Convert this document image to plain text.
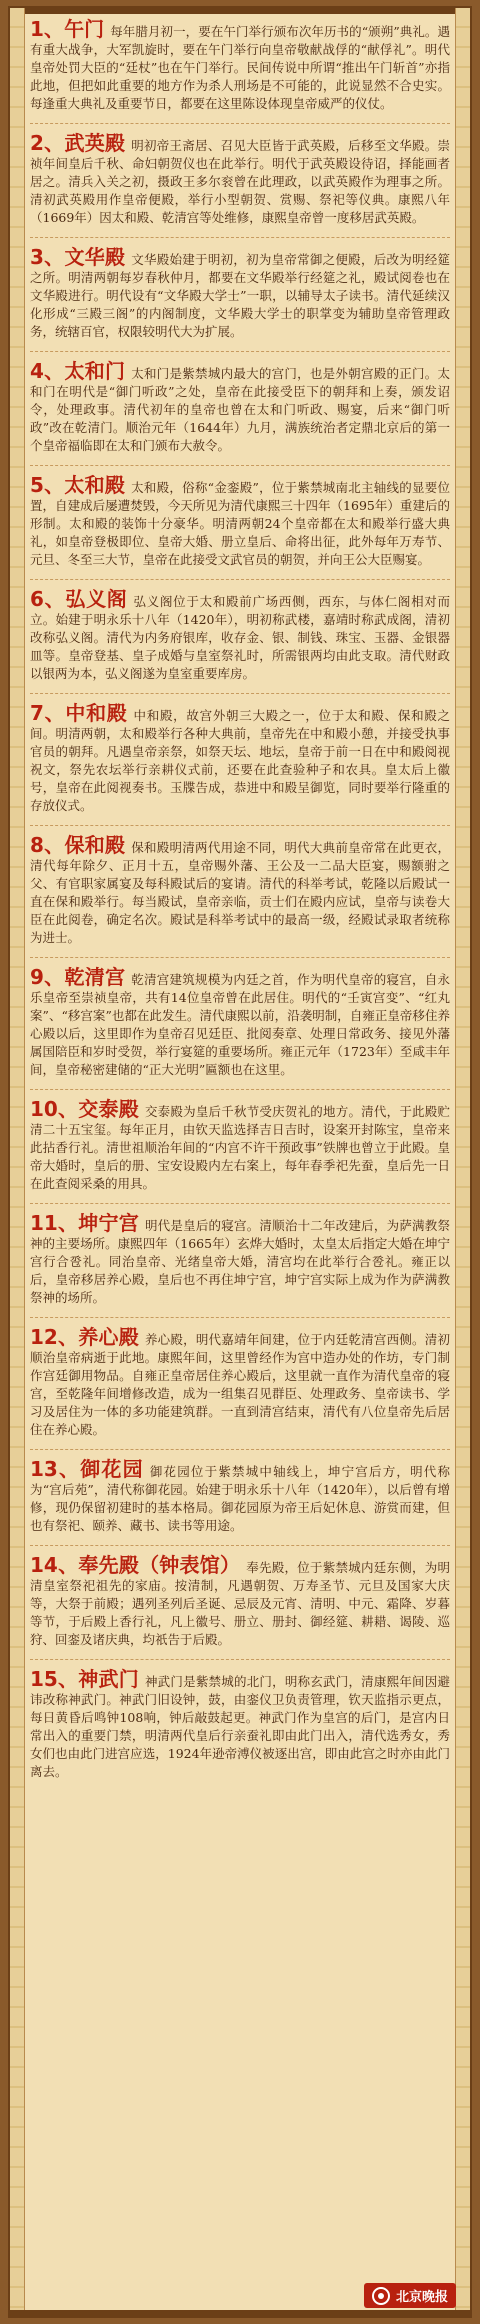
1、午门 每年腊月初一，要在午门举行颁布次年历书的“颁朔”典礼。遇有重大战争，大军凯旋时，要在午门举行向皇帝敬献战俘的“献俘礼”。明代皇帝处罚大臣的“廷杖”也在午门举行。民间传说中所谓“推出午门斩首”亦指此地，但把如此重要的地方作为杀人刑场是不可能的，此说显然不合史实。每逢重大典礼及重要节日，都要在这里陈设体现皇帝威严的仪仗。

2、武英殿 明初帝王斋居、召见大臣皆于武英殿，后移至文华殿。崇祯年间皇后千秋、命妇朝贺仪也在此举行。明代于武英殿设待诏，择能画者居之。清兵入关之初，摄政王多尔衮曾在此理政，以武英殿作为理事之所。清初武英殿用作皇帝便殿，举行小型朝贺、赏赐、祭祀等仪典。康熙八年（1669年）因太和殿、乾清宫等处维修，康熙皇帝曾一度移居武英殿。

3、文华殿 文华殿始建于明初，初为皇帝常御之便殿，后改为明经筵之所。明清两朝每岁春秋仲月，都要在文华殿举行经筵之礼，殿试阅卷也在文华殿进行。明代设有“文华殿大学士”一职，以辅导太子读书。清代延续汉化形成“三殿三阁”的内阁制度，文华殿大学士的职掌变为辅助皇帝管理政务，统辖百官，权限较明代大为扩展。

4、太和门 太和门是紫禁城内最大的宫门，也是外朝宫殿的正门。太和门在明代是“御门听政”之处，皇帝在此接受臣下的朝拜和上奏，颁发诏令，处理政事。清代初年的皇帝也曾在太和门听政、赐宴，后来“御门听政”改在乾清门。顺治元年（1644年）九月，满族统治者定鼎北京后的第一个皇帝福临即在太和门颁布大赦令。

5、太和殿 太和殿，俗称“金銮殿”，位于紫禁城南北主轴线的显要位置，自建成后屡遭焚毁，今天所见为清代康熙三十四年（1695年）重建后的形制。太和殿的装饰十分豪华。明清两朝24个皇帝都在太和殿举行盛大典礼，如皇帝登极即位、皇帝大婚、册立皇后、命将出征，此外每年万寿节、元旦、冬至三大节，皇帝在此接受文武官员的朝贺，并向王公大臣赐宴。

6、弘义阁 弘义阁位于太和殿前广场西侧，西东，与体仁阁相对而立。始建于明永乐十八年（1420年），明初称武楼，嘉靖时称武成阁，清初改称弘义阁。清代为内务府银库，收存金、银、制钱、珠宝、玉器、金银器皿等。皇帝登基、皇子成婚与皇室祭礼时，所需银两均由此支取。清代财政以银两为本，弘义阁遂为皇室重要库房。

7、中和殿 中和殿，故宫外朝三大殿之一，位于太和殿、保和殿之间。明清两朝，太和殿举行各种大典前，皇帝先在中和殿小憩，并接受执事官员的朝拜。凡遇皇帝亲祭，如祭天坛、地坛，皇帝于前一日在中和殿阅视祝文，祭先农坛举行亲耕仪式前，还要在此查验种子和农具。皇太后上徽号，皇帝在此阅视奏书。玉牒告成，恭进中和殿呈御览，同时要举行隆重的存放仪式。

8、保和殿 保和殿明清两代用途不同，明代大典前皇帝常在此更衣，清代每年除夕、正月十五，皇帝赐外藩、王公及一二品大臣宴，赐额驸之父、有官职家属宴及每科殿试后的宴请。清代的科举考试，乾隆以后殿试一直在保和殿举行。每当殿试，皇帝亲临，贡士们在殿内应试，皇帝与读卷大臣在此阅卷，确定名次。殿试是科举考试中的最高一级，经殿试录取者统称为进士。

9、乾清宫 乾清宫建筑规模为内廷之首，作为明代皇帝的寝宫，自永乐皇帝至崇祯皇帝，共有14位皇帝曾在此居住。明代的“壬寅宫变”、“红丸案”、“移宫案”也都在此发生。清代康熙以前，沿袭明制，自雍正皇帝移住养心殿以后，这里即作为皇帝召见廷臣、批阅奏章、处理日常政务、接见外藩属国陪臣和岁时受贺，举行宴筵的重要场所。雍正元年（1723年）至咸丰年间，皇帝秘密建储的“正大光明”匾额也在这里。

10、交泰殿 交泰殿为皇后千秋节受庆贺礼的地方。清代，于此殿贮清二十五宝玺。每年正月，由钦天监选择吉日吉时，设案开封陈宝，皇帝来此拈香行礼。清世祖顺治年间的“内宫不许干预政事”铁牌也曾立于此殿。皇帝大婚时，皇后的册、宝安设殿内左右案上，每年春季祀先蚕，皇后先一日在此查阅采桑的用具。

11、坤宁宫 明代是皇后的寝宫。清顺治十二年改建后，为萨满教祭神的主要场所。康熙四年（1665年）玄烨大婚时，太皇太后指定大婚在坤宁宫行合卺礼。同治皇帝、光绪皇帝大婚，清宫均在此举行合卺礼。雍正以后，皇帝移居养心殿，皇后也不再住坤宁宫，坤宁宫实际上成为作为萨满教祭神的场所。

12、养心殿 养心殿，明代嘉靖年间建，位于内廷乾清宫西侧。清初顺治皇帝病逝于此地。康熙年间，这里曾经作为宫中造办处的作坊，专门制作宫廷御用物品。自雍正皇帝居住养心殿后，这里就一直作为清代皇帝的寝宫，至乾隆年间增修改造，成为一组集召见群臣、处理政务、皇帝读书、学习及居住为一体的多功能建筑群。一直到清宫结束，清代有八位皇帝先后居住在养心殿。

13、御花园 御花园位于紫禁城中轴线上，坤宁宫后方，明代称为“宫后苑”，清代称御花园。始建于明永乐十八年（1420年），以后曾有增修，现仍保留初建时的基本格局。御花园原为帝王后妃休息、游赏而建，但也有祭祀、颐养、藏书、读书等用途。

14、奉先殿（钟表馆） 奉先殿，位于紫禁城内廷东侧，为明清皇室祭祀祖先的家庙。按清制，凡遇朝贺、万寿圣节、元旦及国家大庆等，大祭于前殿；遇列圣列后圣诞、忌辰及元宵、清明、中元、霜降、岁暮等节，于后殿上香行礼，凡上徽号、册立、册封、御经筵、耕耤、谒陵、巡狩、回銮及诸庆典，均祇告于后殿。

15、神武门 神武门是紫禁城的北门，明称玄武门，清康熙年间因避讳改称神武门。神武门旧设钟，鼓，由銮仪卫负责管理，钦天监指示更点，每日黄昏后鸣钟108响，钟后敲鼓起更。神武门作为皇宫的后门，是宫内日常出入的重要门禁，明清两代皇后行亲蚕礼即由此门出入，清代选秀女，秀女们也由此门进宫应选，1924年逊帝溥仪被逐出宫，即由此宫之时亦由此门离去。

北京晚报
